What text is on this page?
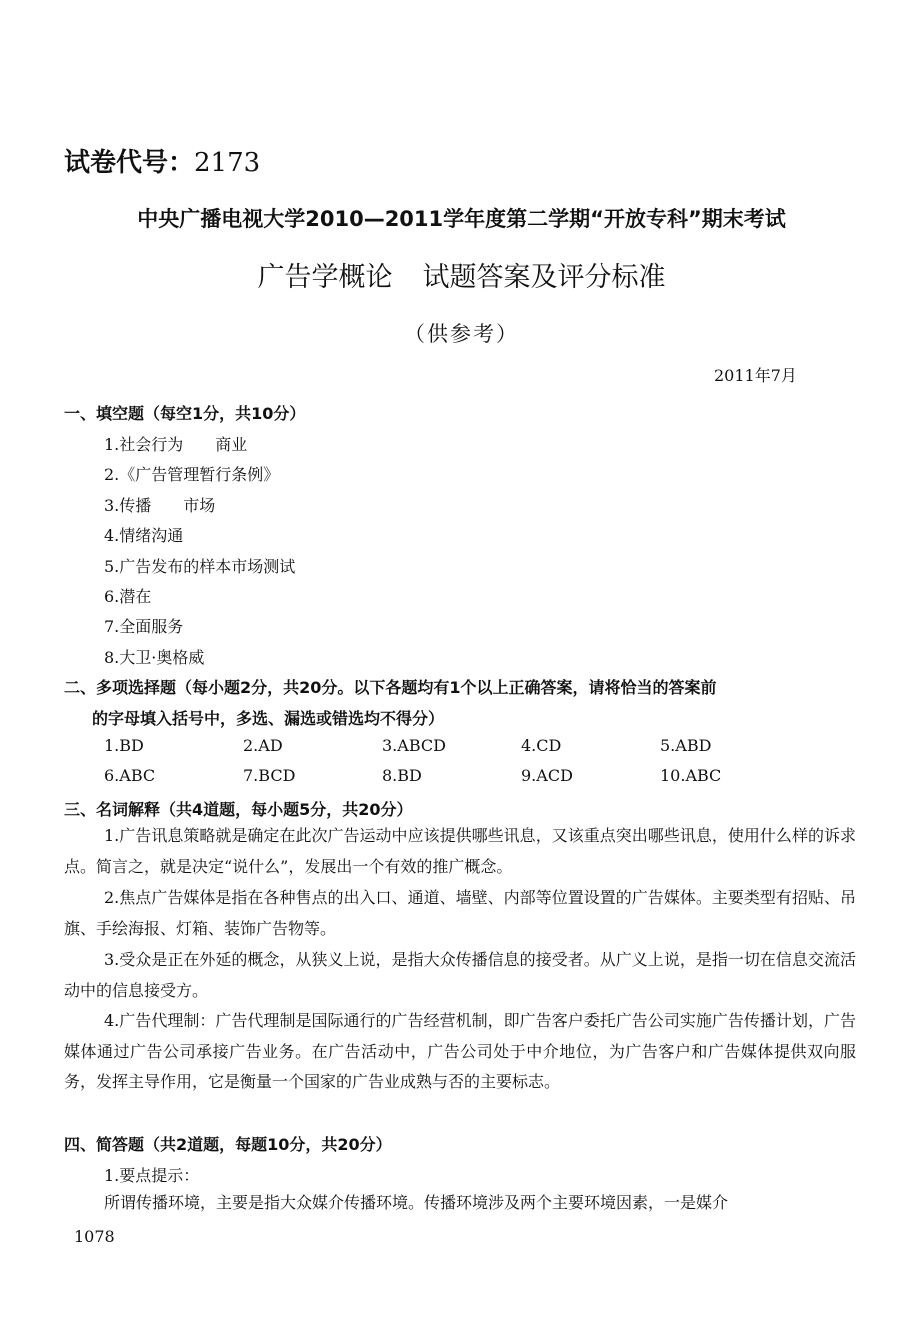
试卷代号：2173
中央广播电视大学2010—2011学年度第二学期“开放专科”期末考试
广告学概论 试题答案及评分标准
（供参考）
2011年7月
一、填空题（每空1分，共10分）
1.社会行为 商业
2.《广告管理暂行条例》
3.传播 市场
4.情绪沟通
5.广告发布的样本市场测试
6.潜在
7.全面服务
8.大卫·奥格威
二、多项选择题（每小题2分，共20分。以下各题均有1个以上正确答案，请将恰当的答案前
的字母填入括号中，多选、漏选或错选均不得分）
1.BD	2.AD	3.ABCD	4.CD	5.ABD
6.ABC	7.BCD	8.BD	9.ACD	10.ABC
三、名词解释（共4道题，每小题5分，共20分）
1.广告讯息策略就是确定在此次广告运动中应该提供哪些讯息，又该重点突出哪些讯息，使用什么样的诉求点。简言之，就是决定“说什么”，发展出一个有效的推广概念。
2.焦点广告媒体是指在各种售点的出入口、通道、墙壁、内部等位置设置的广告媒体。主要类型有招贴、吊旗、手绘海报、灯箱、装饰广告物等。
3.受众是正在外延的概念，从狭义上说，是指大众传播信息的接受者。从广义上说，是指一切在信息交流活动中的信息接受方。
4.广告代理制：广告代理制是国际通行的广告经营机制，即广告客户委托广告公司实施广告传播计划，广告媒体通过广告公司承接广告业务。在广告活动中，广告公司处于中介地位，为广告客户和广告媒体提供双向服务，发挥主导作用，它是衡量一个国家的广告业成熟与否的主要标志。
四、简答题（共2道题，每题10分，共20分）
1.要点提示：
所谓传播环境，主要是指大众媒介传播环境。传播环境涉及两个主要环境因素，一是媒介
1078
